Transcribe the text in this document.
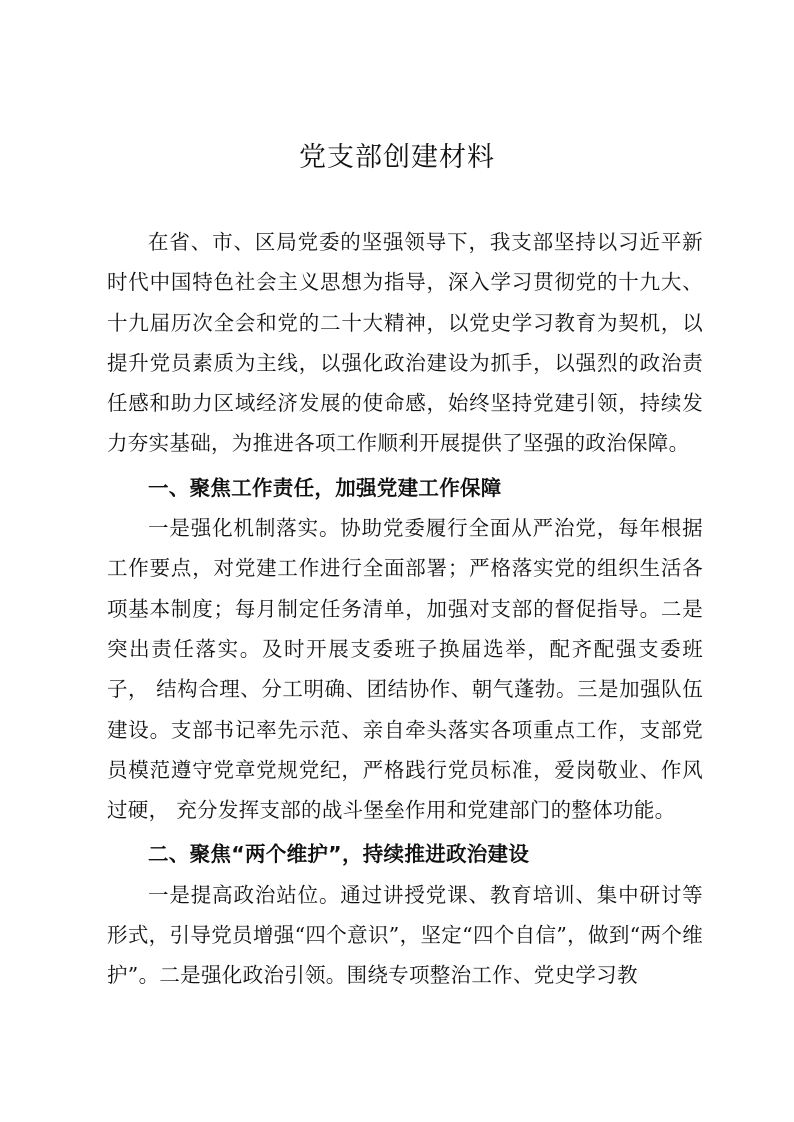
党支部创建材料

在省、市、区局党委的坚强领导下，我支部坚持以习近平新时代中国特色社会主义思想为指导，深入学习贯彻党的十九大、十九届历次全会和党的二十大精神，以党史学习教育为契机，以提升党员素质为主线，以强化政治建设为抓手，以强烈的政治责任感和助力区域经济发展的使命感，始终坚持党建引领，持续发力夯实基础，为推进各项工作顺利开展提供了坚强的政治保障。

一、聚焦工作责任，加强党建工作保障

一是强化机制落实。协助党委履行全面从严治党，每年根据工作要点，对党建工作进行全面部署；严格落实党的组织生活各项基本制度；每月制定任务清单，加强对支部的督促指导。二是突出责任落实。及时开展支委班子换届选举，配齐配强支委班子， 结构合理、分工明确、团结协作、朝气蓬勃。三是加强队伍建设。支部书记率先示范、亲自牵头落实各项重点工作，支部党员模范遵守党章党规党纪，严格践行党员标准，爱岗敬业、作风过硬， 充分发挥支部的战斗堡垒作用和党建部门的整体功能。

二、聚焦“两个维护”，持续推进政治建设

一是提高政治站位。通过讲授党课、教育培训、集中研讨等形式，引导党员增强“四个意识”，坚定“四个自信”，做到“两个维护”。二是强化政治引领。围绕专项整治工作、党史学习教
